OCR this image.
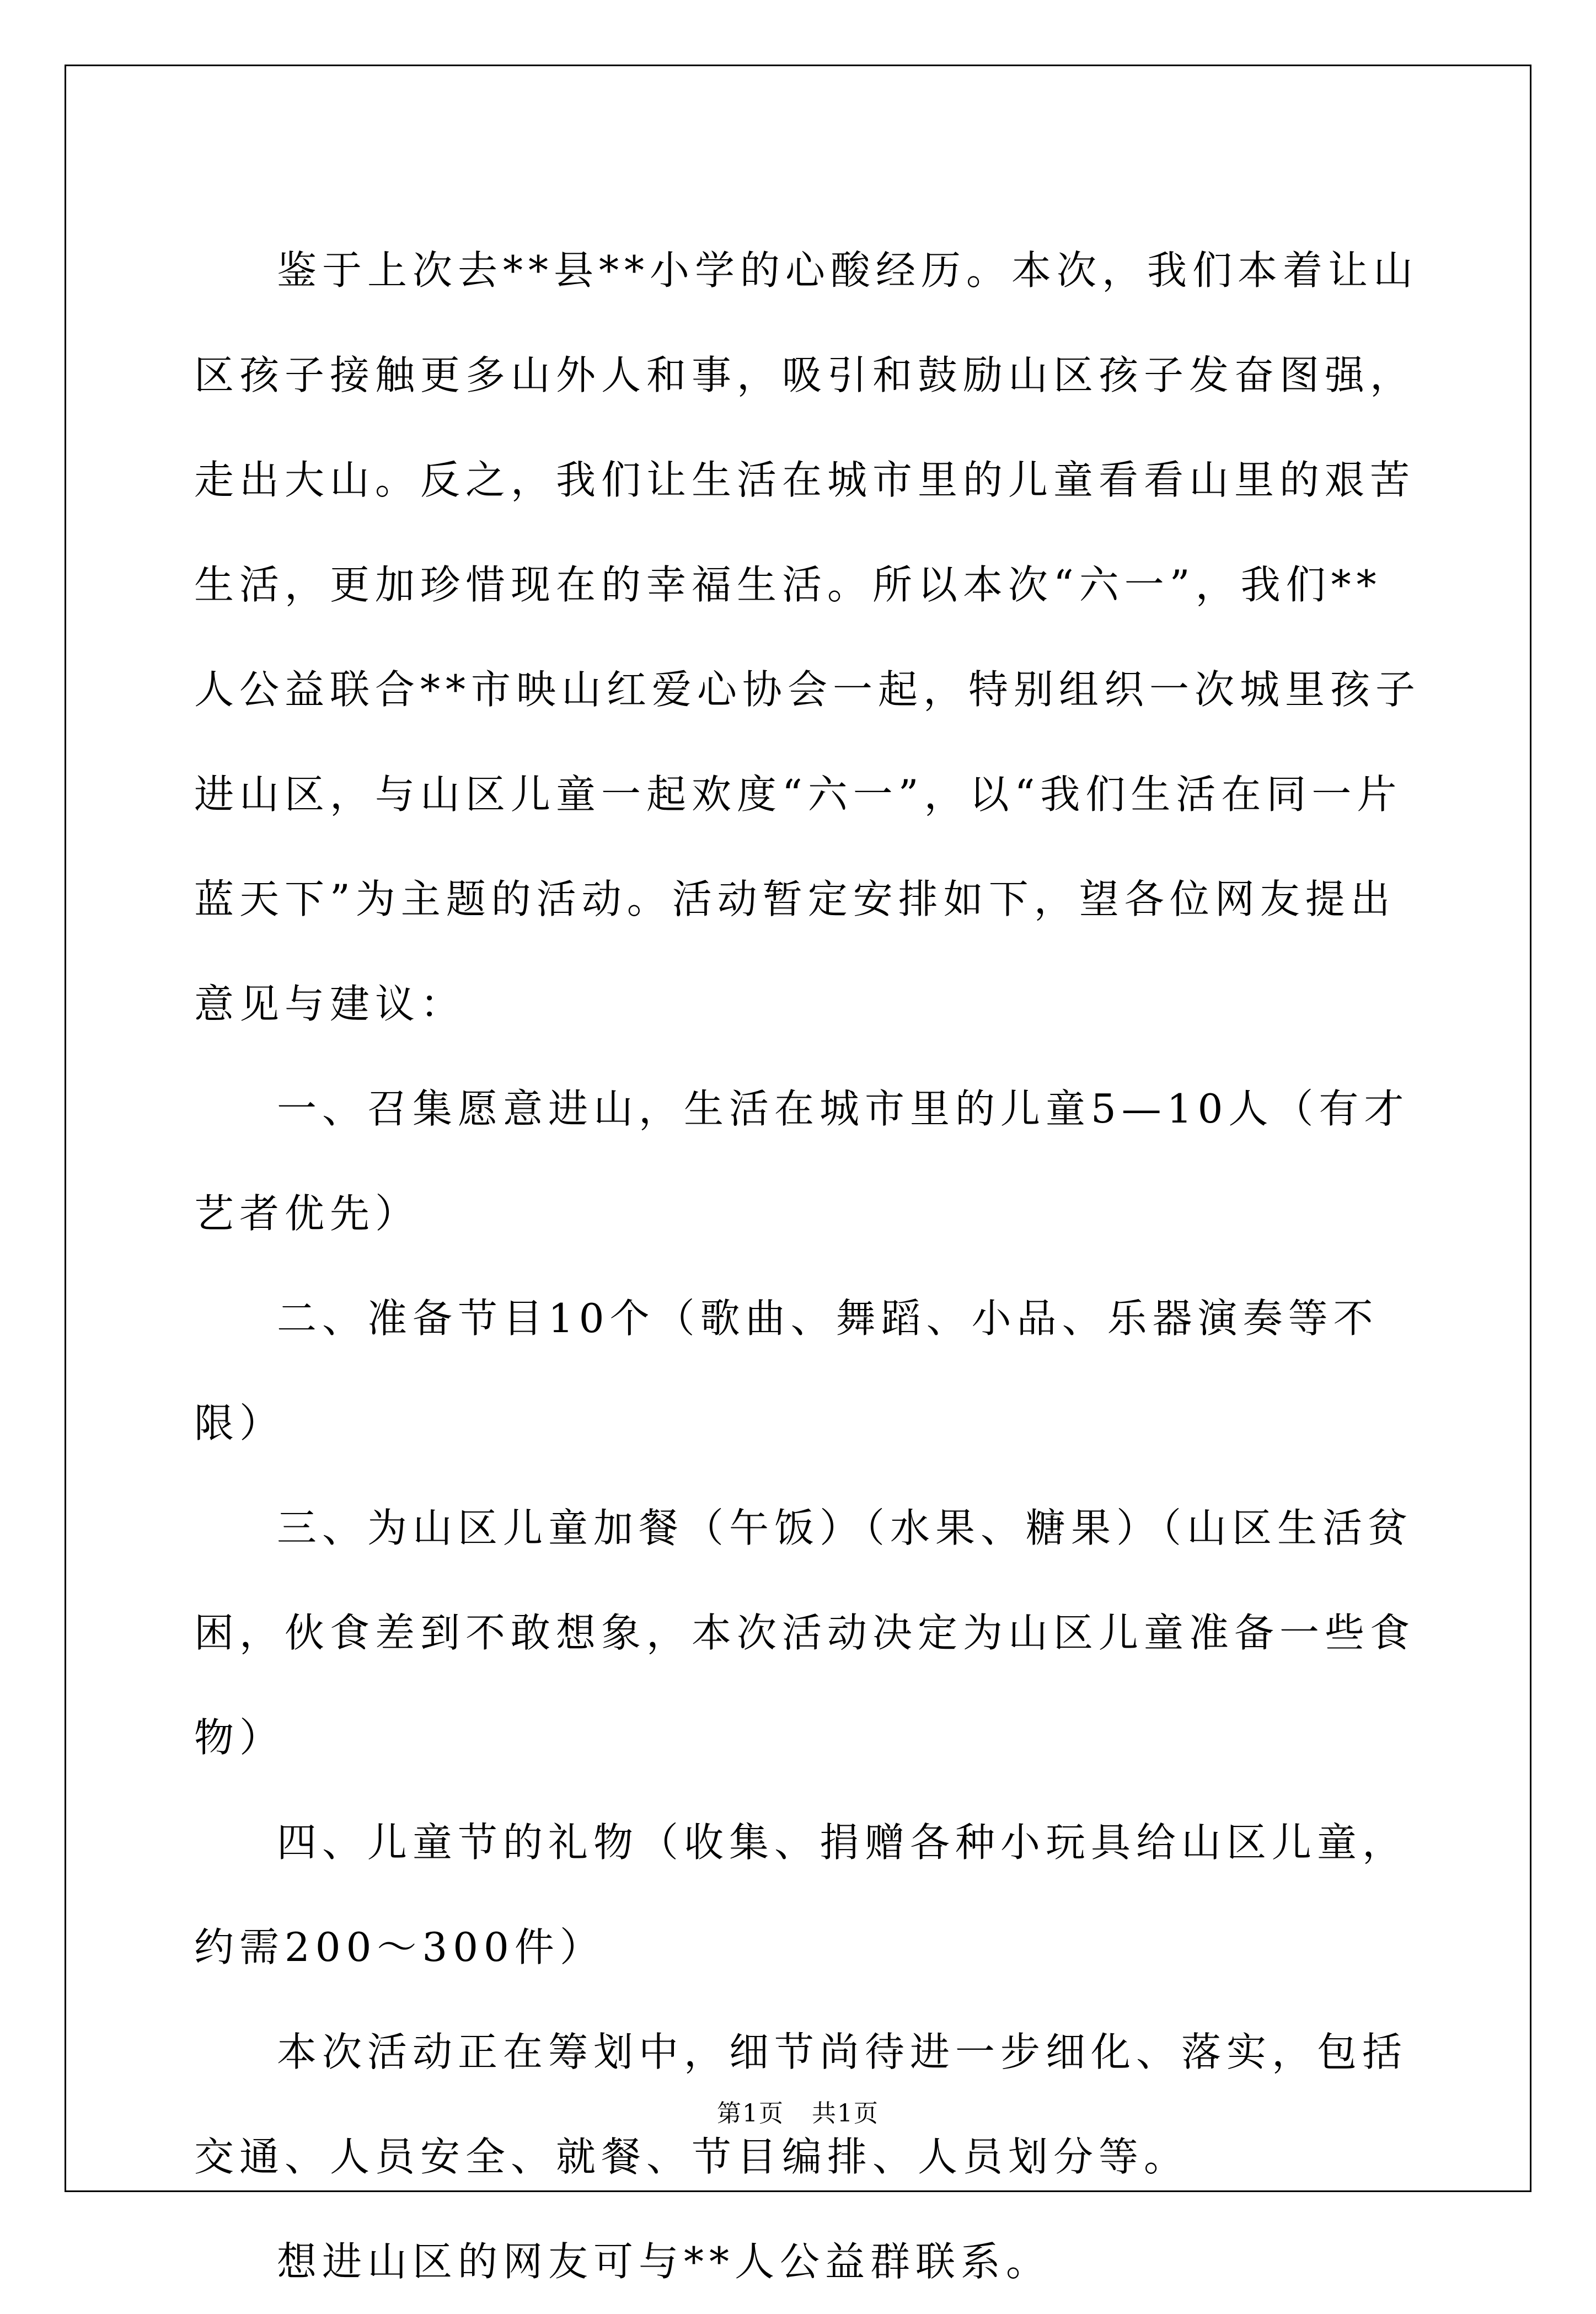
鉴于上次去**县**小学的心酸经历。本次，我们本着让山区孩子接触更多山外人和事，吸引和鼓励山区孩子发奋图强，走出大山。反之，我们让生活在城市里的儿童看看山里的艰苦生活，更加珍惜现在的幸福生活。所以本次“六一”，我们**人公益联合**市映山红爱心协会一起，特别组织一次城里孩子进山区，与山区儿童一起欢度“六一”，以“我们生活在同一片蓝天下”为主题的活动。活动暂定安排如下，望各位网友提出意见与建议：

一、召集愿意进山，生活在城市里的儿童5—10人（有才艺者优先）

二、准备节目10个（歌曲、舞蹈、小品、乐器演奏等不限）

三、为山区儿童加餐（午饭）（水果、糖果）（山区生活贫困，伙食差到不敢想象，本次活动决定为山区儿童准备一些食物）

四、儿童节的礼物（收集、捐赠各种小玩具给山区儿童，约需200～300件）

本次活动正在筹划中，细节尚待进一步细化、落实，包括交通、人员安全、就餐、节目编排、人员划分等。

想进山区的网友可与**人公益群联系。

第1页 共1页
